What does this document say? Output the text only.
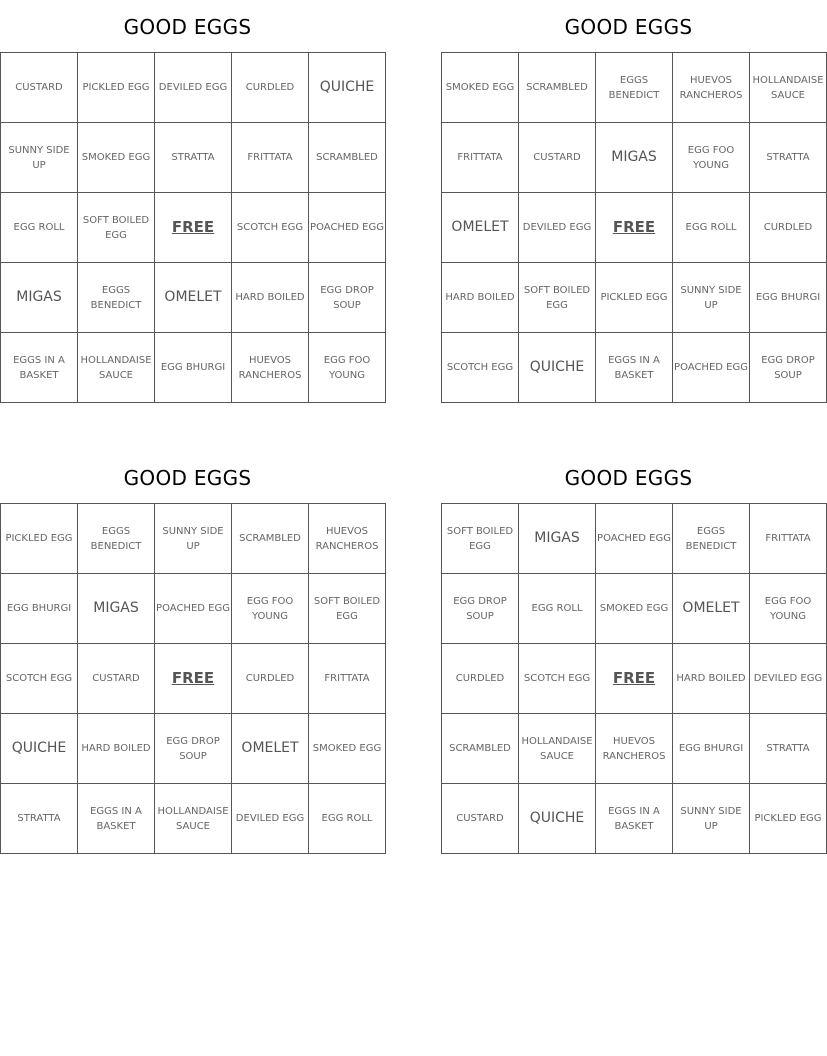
GOOD EGGS
CUSTARD	PICKLED EGG	DEVILED EGG	CURDLED	QUICHE
SUNNY SIDE UP	SMOKED EGG	STRATTA	FRITTATA	SCRAMBLED
EGG ROLL	SOFT BOILED EGG	FREE	SCOTCH EGG	POACHED EGG
MIGAS	EGGS BENEDICT	OMELET	HARD BOILED	EGG DROP SOUP
EGGS IN A BASKET	HOLLANDAISE SAUCE	EGG BHURGI	HUEVOS RANCHEROS	EGG FOO YOUNG
GOOD EGGS
SMOKED EGG	SCRAMBLED	EGGS BENEDICT	HUEVOS RANCHEROS	HOLLANDAISE SAUCE
FRITTATA	CUSTARD	MIGAS	EGG FOO YOUNG	STRATTA
OMELET	DEVILED EGG	FREE	EGG ROLL	CURDLED
HARD BOILED	SOFT BOILED EGG	PICKLED EGG	SUNNY SIDE UP	EGG BHURGI
SCOTCH EGG	QUICHE	EGGS IN A BASKET	POACHED EGG	EGG DROP SOUP
GOOD EGGS
PICKLED EGG	EGGS BENEDICT	SUNNY SIDE UP	SCRAMBLED	HUEVOS RANCHEROS
EGG BHURGI	MIGAS	POACHED EGG	EGG FOO YOUNG	SOFT BOILED EGG
SCOTCH EGG	CUSTARD	FREE	CURDLED	FRITTATA
QUICHE	HARD BOILED	EGG DROP SOUP	OMELET	SMOKED EGG
STRATTA	EGGS IN A BASKET	HOLLANDAISE SAUCE	DEVILED EGG	EGG ROLL
GOOD EGGS
SOFT BOILED EGG	MIGAS	POACHED EGG	EGGS BENEDICT	FRITTATA
EGG DROP SOUP	EGG ROLL	SMOKED EGG	OMELET	EGG FOO YOUNG
CURDLED	SCOTCH EGG	FREE	HARD BOILED	DEVILED EGG
SCRAMBLED	HOLLANDAISE SAUCE	HUEVOS RANCHEROS	EGG BHURGI	STRATTA
CUSTARD	QUICHE	EGGS IN A BASKET	SUNNY SIDE UP	PICKLED EGG
